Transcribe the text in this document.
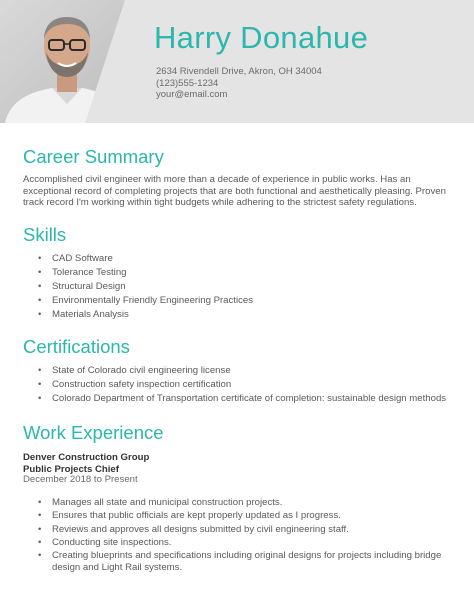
Harry Donahue
2634 Rivendell Drive, Akron, OH 34004
(123)555-1234
your@email.com
Career Summary
Accomplished civil engineer with more than a decade of experience in public works. Has an exceptional record of completing projects that are both functional and aesthetically pleasing. Proven track record I'm working within tight budgets while adhering to the strictest safety regulations.
Skills
• CAD Software
• Tolerance Testing
• Structural Design
• Environmentally Friendly Engineering Practices
• Materials Analysis
Certifications
• State of Colorado civil engineering license
• Construction safety inspection certification
• Colorado Department of Transportation certificate of completion: sustainable design methods
Work Experience
Denver Construction Group
Public Projects Chief
December 2018 to Present
• Manages all state and municipal construction projects.
• Ensures that public officials are kept properly updated as I progress.
• Reviews and approves all designs submitted by civil engineering staff.
• Conducting site inspections.
• Creating blueprints and specifications including original designs for projects including bridge design and Light Rail systems.
